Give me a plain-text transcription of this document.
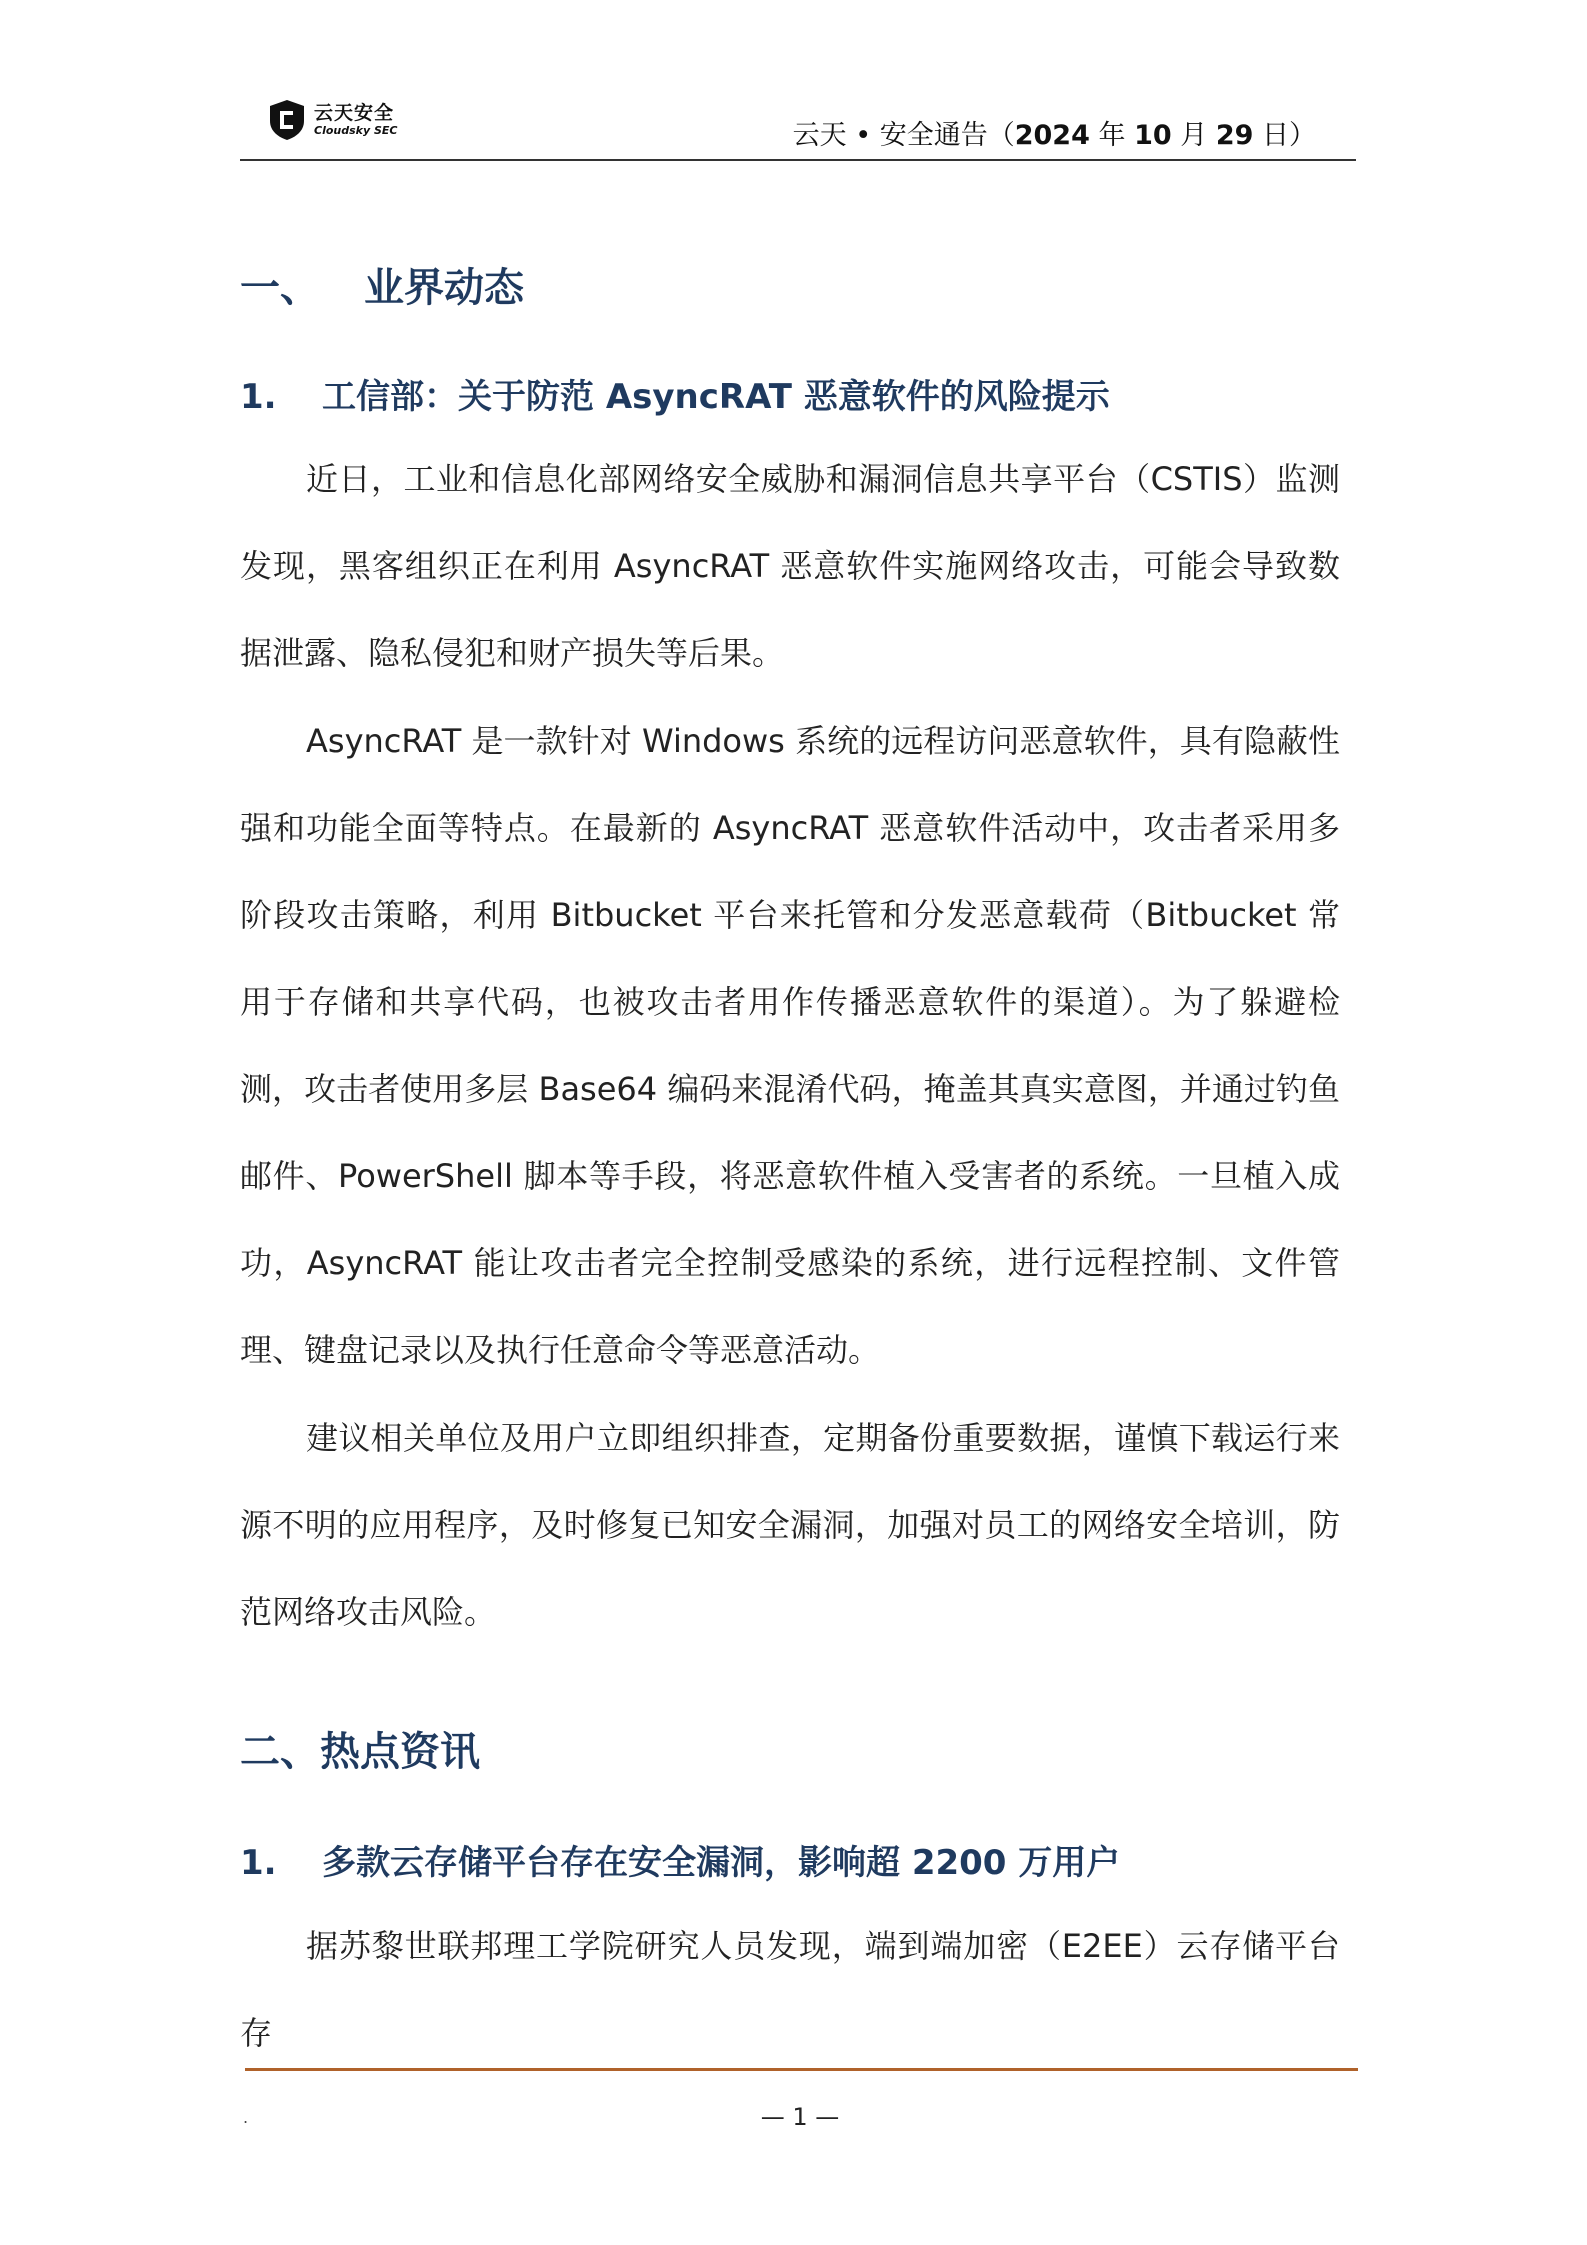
云天安全
Cloudsky SEC	云天 • 安全通告（2024 年 10 月 29 日）
一、 业界动态
1. 工信部：关于防范 AsyncRAT 恶意软件的风险提示

近日，工业和信息化部网络安全威胁和漏洞信息共享平台（CSTIS）监测发现，黑客组织正在利用 AsyncRAT 恶意软件实施网络攻击，可能会导致数据泄露、隐私侵犯和财产损失等后果。

AsyncRAT 是一款针对 Windows 系统的远程访问恶意软件，具有隐蔽性强和功能全面等特点。在最新的 AsyncRAT 恶意软件活动中，攻击者采用多阶段攻击策略，利用 Bitbucket 平台来托管和分发恶意载荷（Bitbucket 常用于存储和共享代码，也被攻击者用作传播恶意软件的渠道）。为了躲避检测，攻击者使用多层 Base64 编码来混淆代码，掩盖其真实意图，并通过钓鱼邮件、PowerShell 脚本等手段，将恶意软件植入受害者的系统。一旦植入成功，AsyncRAT 能让攻击者完全控制受感染的系统，进行远程控制、文件管理、键盘记录以及执行任意命令等恶意活动。

建议相关单位及用户立即组织排查，定期备份重要数据，谨慎下载运行来源不明的应用程序，及时修复已知安全漏洞，加强对员工的网络安全培训，防范网络攻击风险。

二、热点资讯
1. 多款云存储平台存在安全漏洞，影响超 2200 万用户

据苏黎世联邦理工学院研究人员发现，端到端加密（E2EE）云存储平台存

.	— 1 —
